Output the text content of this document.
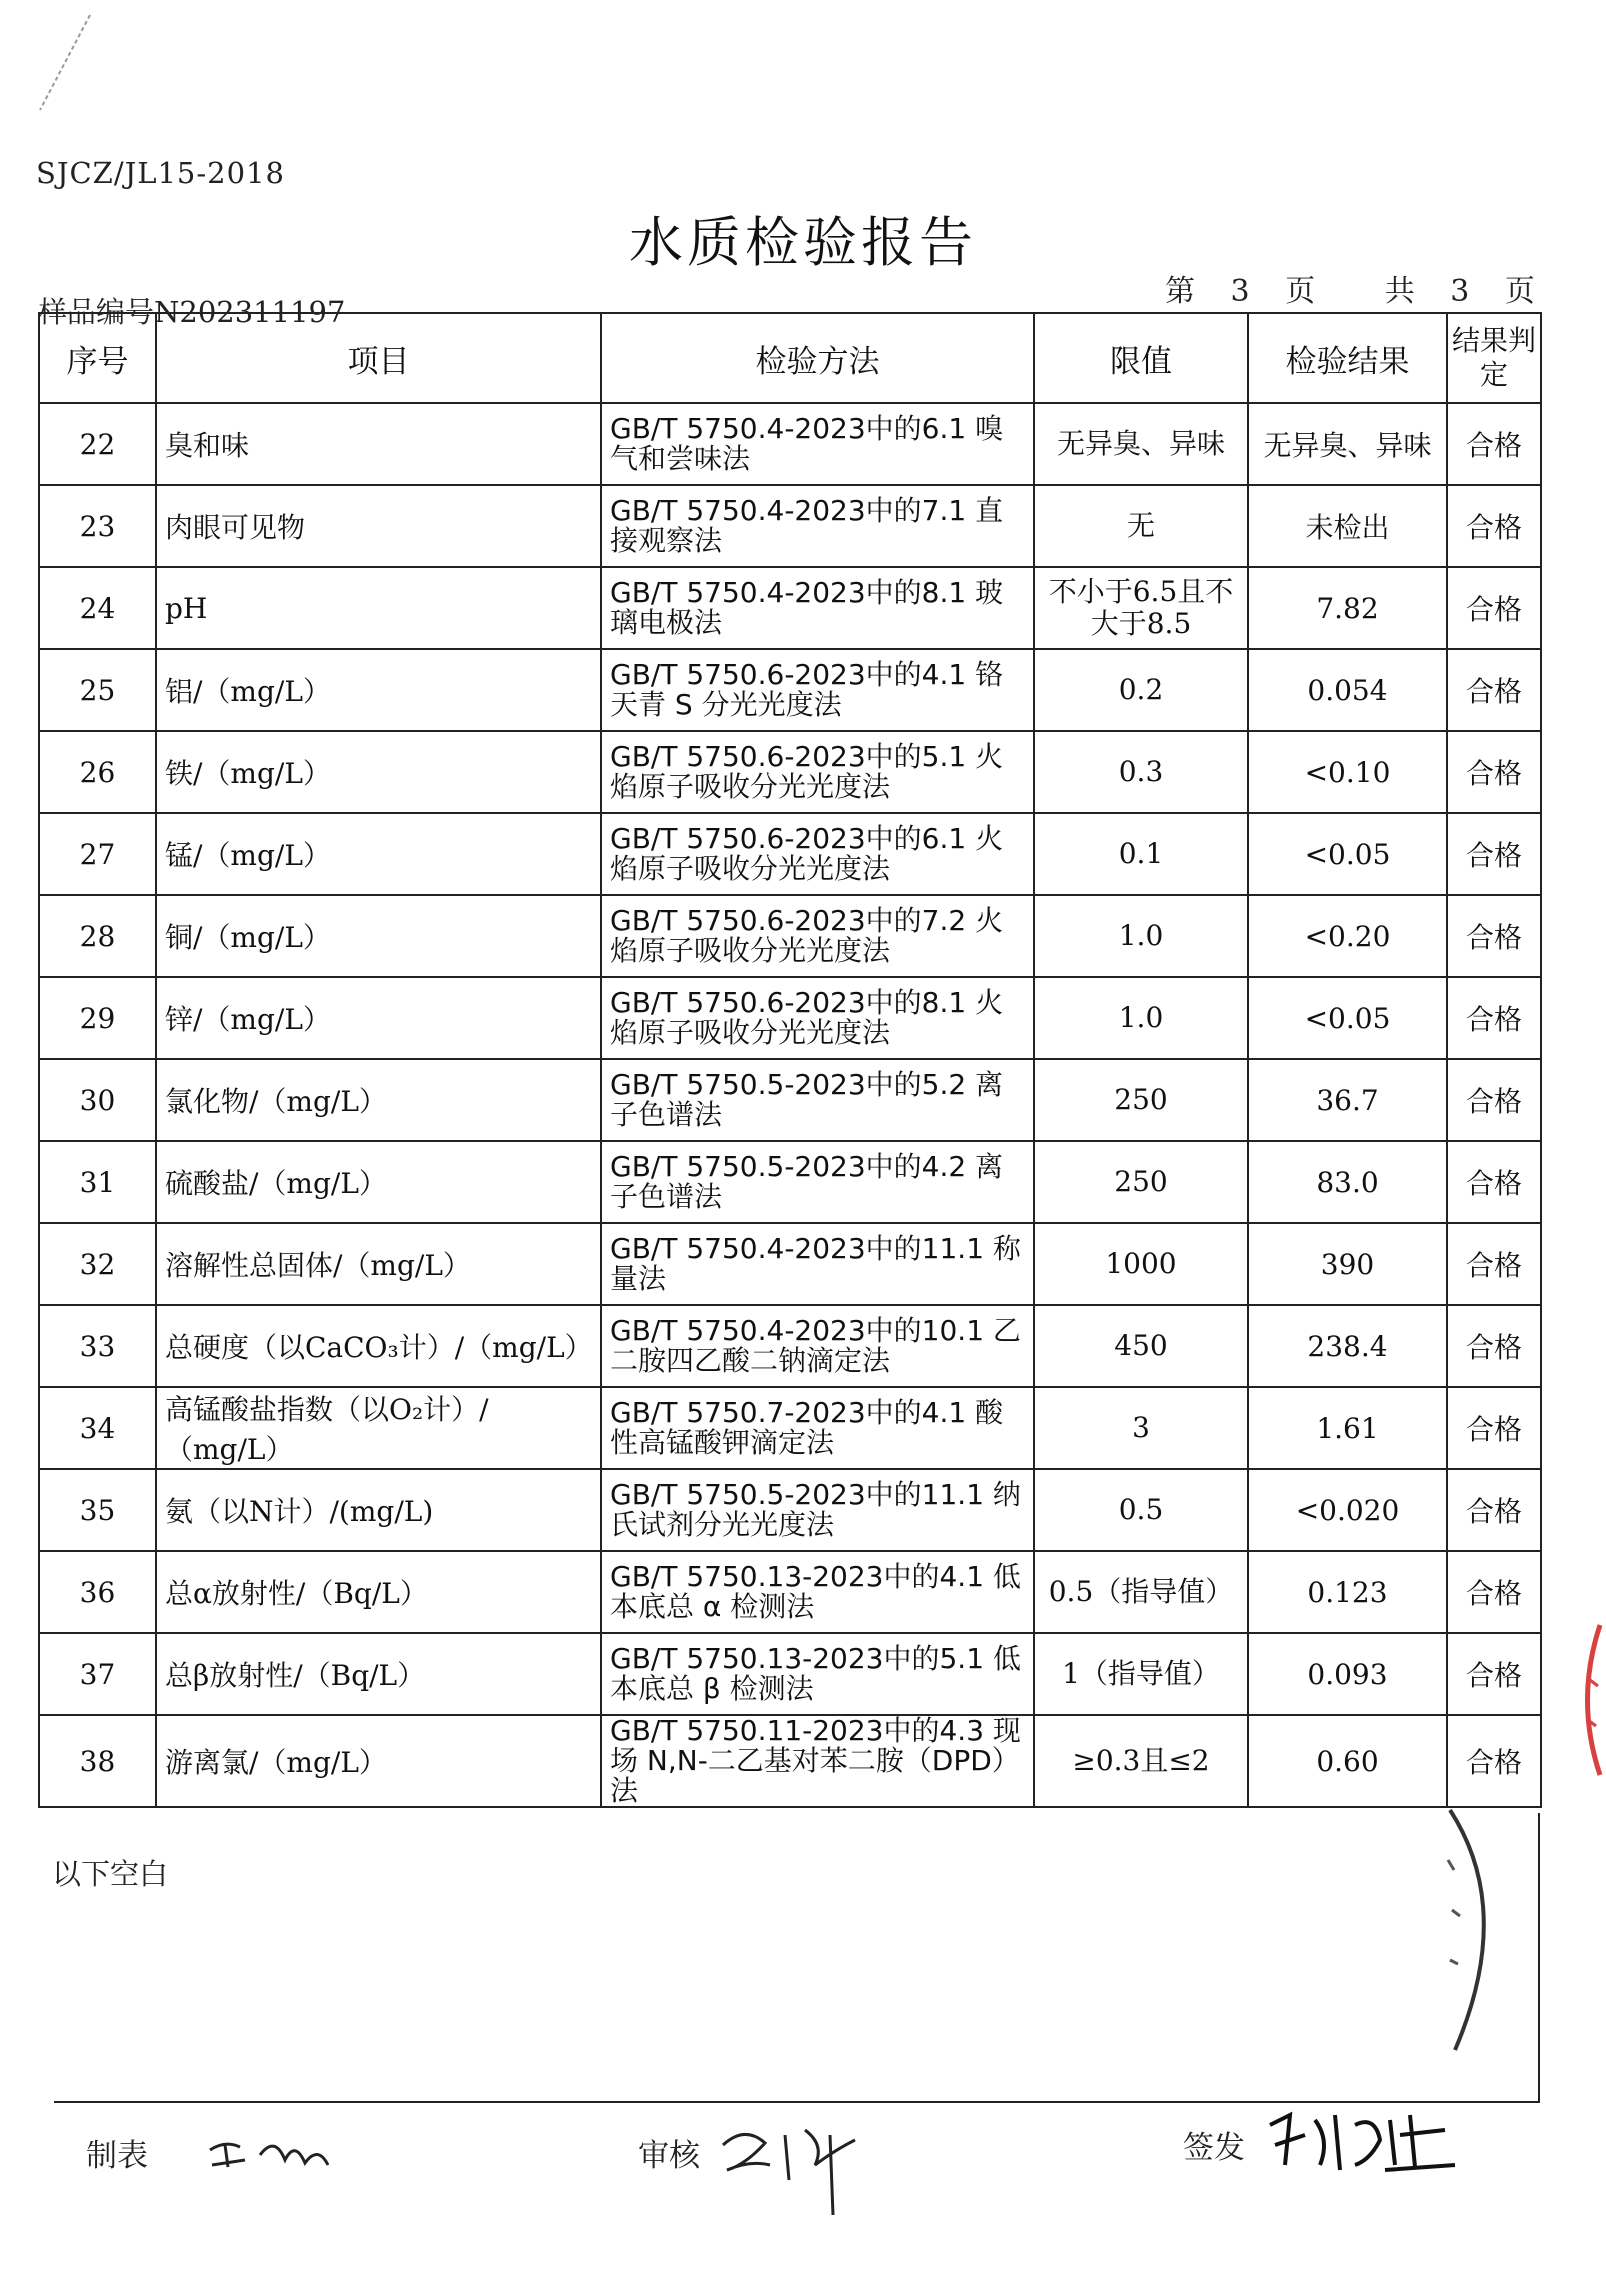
SJCZ/JL15-2018
水质检验报告
样品编号N202311197
第 3 页 共 3 页
序号	项目	检验方法	限值	检验结果	结果判定
22	臭和味	GB/T 5750.4-2023中的6.1 嗅气和尝味法	无异臭、异味	无异臭、异味	合格
23	肉眼可见物	GB/T 5750.4-2023中的7.1 直接观察法	无	未检出	合格
24	pH	GB/T 5750.4-2023中的8.1 玻璃电极法	不小于6.5且不大于8.5	7.82	合格
25	铝/（mg/L）	GB/T 5750.6-2023中的4.1 铬天青 S 分光光度法	0.2	0.054	合格
26	铁/（mg/L）	GB/T 5750.6-2023中的5.1 火焰原子吸收分光光度法	0.3	<0.10	合格
27	锰/（mg/L）	GB/T 5750.6-2023中的6.1 火焰原子吸收分光光度法	0.1	<0.05	合格
28	铜/（mg/L）	GB/T 5750.6-2023中的7.2 火焰原子吸收分光光度法	1.0	<0.20	合格
29	锌/（mg/L）	GB/T 5750.6-2023中的8.1 火焰原子吸收分光光度法	1.0	<0.05	合格
30	氯化物/（mg/L）	GB/T 5750.5-2023中的5.2 离子色谱法	250	36.7	合格
31	硫酸盐/（mg/L）	GB/T 5750.5-2023中的4.2 离子色谱法	250	83.0	合格
32	溶解性总固体/（mg/L）	GB/T 5750.4-2023中的11.1 称量法	1000	390	合格
33	总硬度（以CaCO₃计）/（mg/L）	GB/T 5750.4-2023中的10.1 乙二胺四乙酸二钠滴定法	450	238.4	合格
34	高锰酸盐指数（以O₂计）/（mg/L）	GB/T 5750.7-2023中的4.1 酸性高锰酸钾滴定法	3	1.61	合格
35	氨（以N计）/(mg/L)	GB/T 5750.5-2023中的11.1 纳氏试剂分光光度法	0.5	<0.020	合格
36	总α放射性/（Bq/L）	GB/T 5750.13-2023中的4.1 低本底总 α 检测法	0.5（指导值）	0.123	合格
37	总β放射性/（Bq/L）	GB/T 5750.13-2023中的5.1 低本底总 β 检测法	1（指导值）	0.093	合格
38	游离氯/（mg/L）	GB/T 5750.11-2023中的4.3 现场 N,N-二乙基对苯二胺（DPD）法	≥0.3且≤2	0.60	合格
以下空白
制表	审核	签发
